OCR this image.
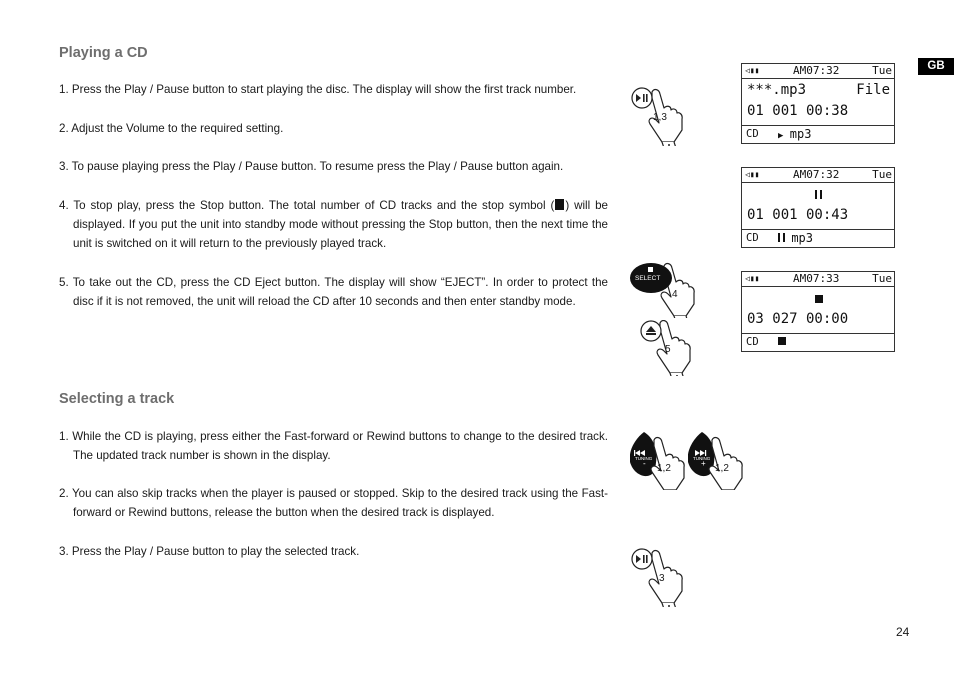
Playing a CD
Selecting a track
GB
24
1. Press the Play / Pause button to start playing the disc. The display will show the first track number.
2. Adjust the Volume to the required setting.
3. To pause playing press the Play / Pause button. To resume press the Play / Pause button again.
4. To stop play, press the Stop button. The total number of CD tracks and the stop symbol ( ) will be displayed. If you put the unit into standby mode without pressing the Stop button, then the next time the unit is switched on it will return to the previously played track.
5. To take out the CD, press the CD Eject button. The display will show “EJECT”. In order to protect the disc if it is not removed, the unit will reload the CD after 10 seconds and then enter standby mode.
1. While the CD is playing, press either the Fast-forward or Rewind buttons to change to the desired track. The updated track number is shown in the display.
2. You can also skip tracks when the player is paused or stopped. Skip to the desired track using the Fast-forward or Rewind buttons, release the button when the desired track is displayed.
3. Press the Play / Pause button to play the selected track.
1,3
SELECT
4
5
TUNING
- 1,2
TUNING
+ 1,2
3
◁▮▮	AM07:32	Tue
***.mp3	File
01 001 00:38
CD ▶ mp3
◁▮▮	AM07:32	Tue
01 001 00:43
CD	mp3
◁▮▮	AM07:33	Tue
03 027 00:00
CD
